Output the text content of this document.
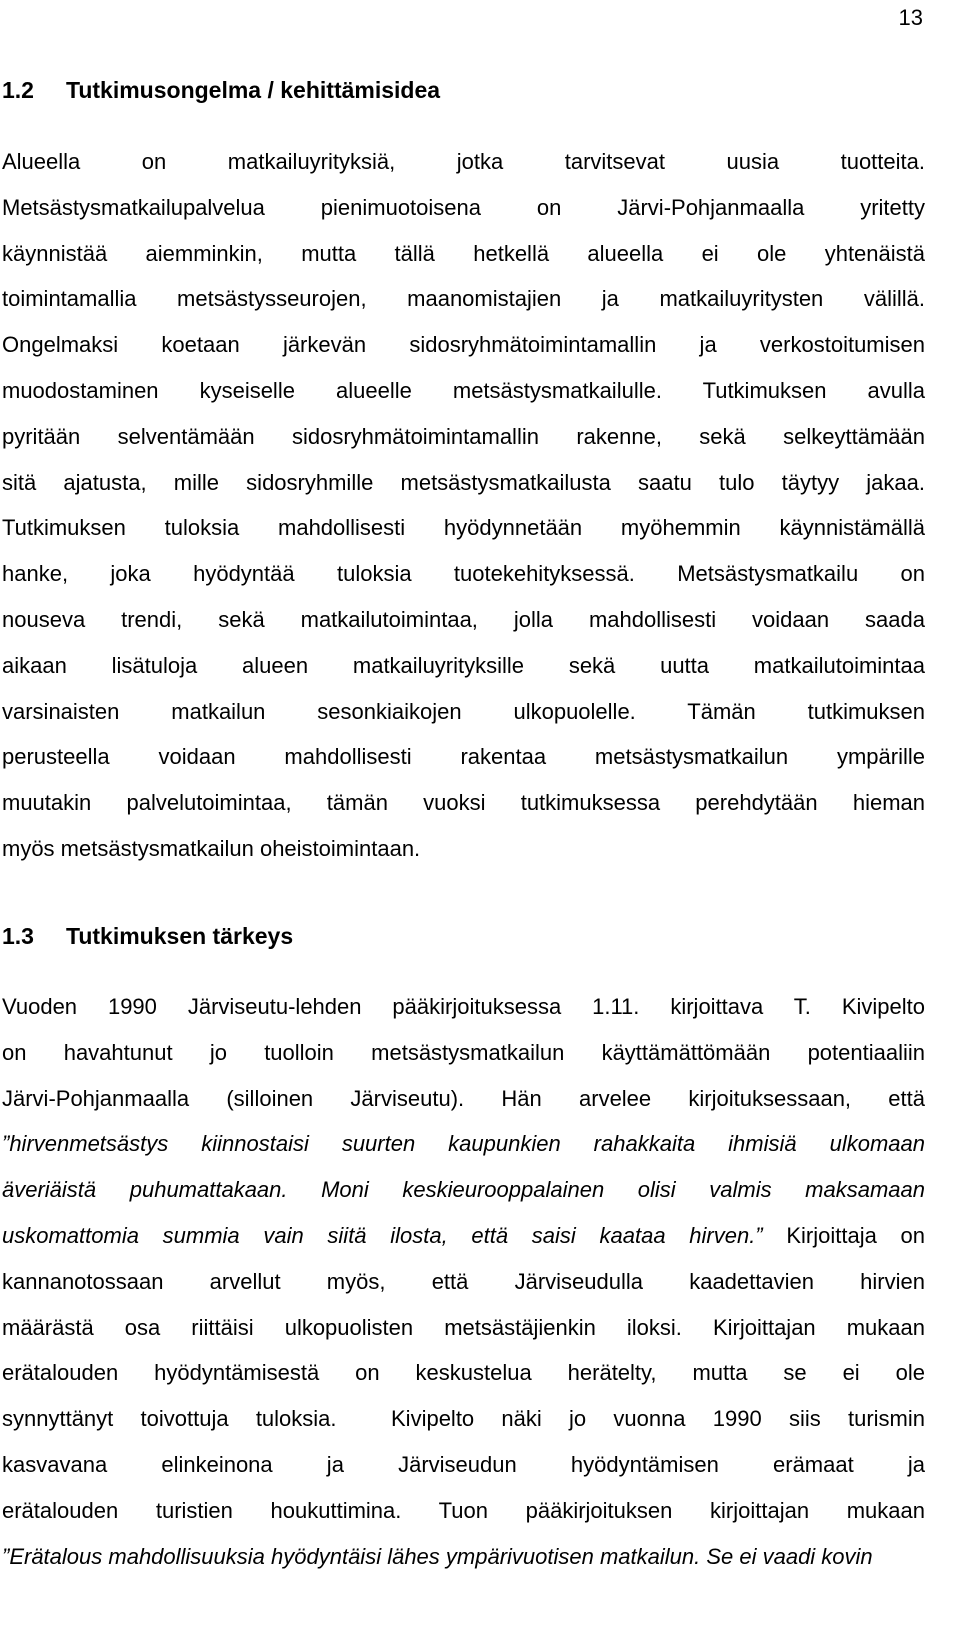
13
1.2 Tutkimusongelma / kehittämisidea
Alueella on matkailuyrityksiä, jotka tarvitsevat uusia tuotteita.
Metsästysmatkailupalvelua pienimuotoisena on Järvi-Pohjanmaalla yritetty
käynnistää aiemminkin, mutta tällä hetkellä alueella ei ole yhtenäistä
toimintamallia metsästysseurojen, maanomistajien ja matkailuyritysten välillä.
Ongelmaksi koetaan järkevän sidosryhmätoimintamallin ja verkostoitumisen
muodostaminen kyseiselle alueelle metsästysmatkailulle. Tutkimuksen avulla
pyritään selventämään sidosryhmätoimintamallin rakenne, sekä selkeyttämään
sitä ajatusta, mille sidosryhmille metsästysmatkailusta saatu tulo täytyy jakaa.
Tutkimuksen tuloksia mahdollisesti hyödynnetään myöhemmin käynnistämällä
hanke, joka hyödyntää tuloksia tuotekehityksessä. Metsästysmatkailu on
nouseva trendi, sekä matkailutoimintaa, jolla mahdollisesti voidaan saada
aikaan lisätuloja alueen matkailuyrityksille sekä uutta matkailutoimintaa
varsinaisten matkailun sesonkiaikojen ulkopuolelle. Tämän tutkimuksen
perusteella voidaan mahdollisesti rakentaa metsästysmatkailun ympärille
muutakin palvelutoimintaa, tämän vuoksi tutkimuksessa perehdytään hieman
myös metsästysmatkailun oheistoimintaan.
1.3 Tutkimuksen tärkeys
Vuoden 1990 Järviseutu-lehden pääkirjoituksessa 1.11. kirjoittava T. Kivipelto
on havahtunut jo tuolloin metsästysmatkailun käyttämättömään potentiaaliin
Järvi-Pohjanmaalla (silloinen Järviseutu). Hän arvelee kirjoituksessaan, että
”hirvenmetsästys kiinnostaisi suurten kaupunkien rahakkaita ihmisiä ulkomaan
äveriäistä puhumattakaan. Moni keskieurooppalainen olisi valmis maksamaan
uskomattomia summia vain siitä ilosta, että saisi kaataa hirven.” Kirjoittaja on
kannanotossaan arvellut myös, että Järviseudulla kaadettavien hirvien
määrästä osa riittäisi ulkopuolisten metsästäjienkin iloksi. Kirjoittajan mukaan
erätalouden hyödyntämisestä on keskustelua herätelty, mutta se ei ole
synnyttänyt toivottuja tuloksia.  Kivipelto näki jo vuonna 1990 siis turismin
kasvavana elinkeinona ja Järviseudun hyödyntämisen erämaat ja
erätalouden turistien houkuttimina. Tuon pääkirjoituksen kirjoittajan mukaan
”Erätalous mahdollisuuksia hyödyntäisi lähes ympärivuotisen matkailun. Se ei vaadi kovin
